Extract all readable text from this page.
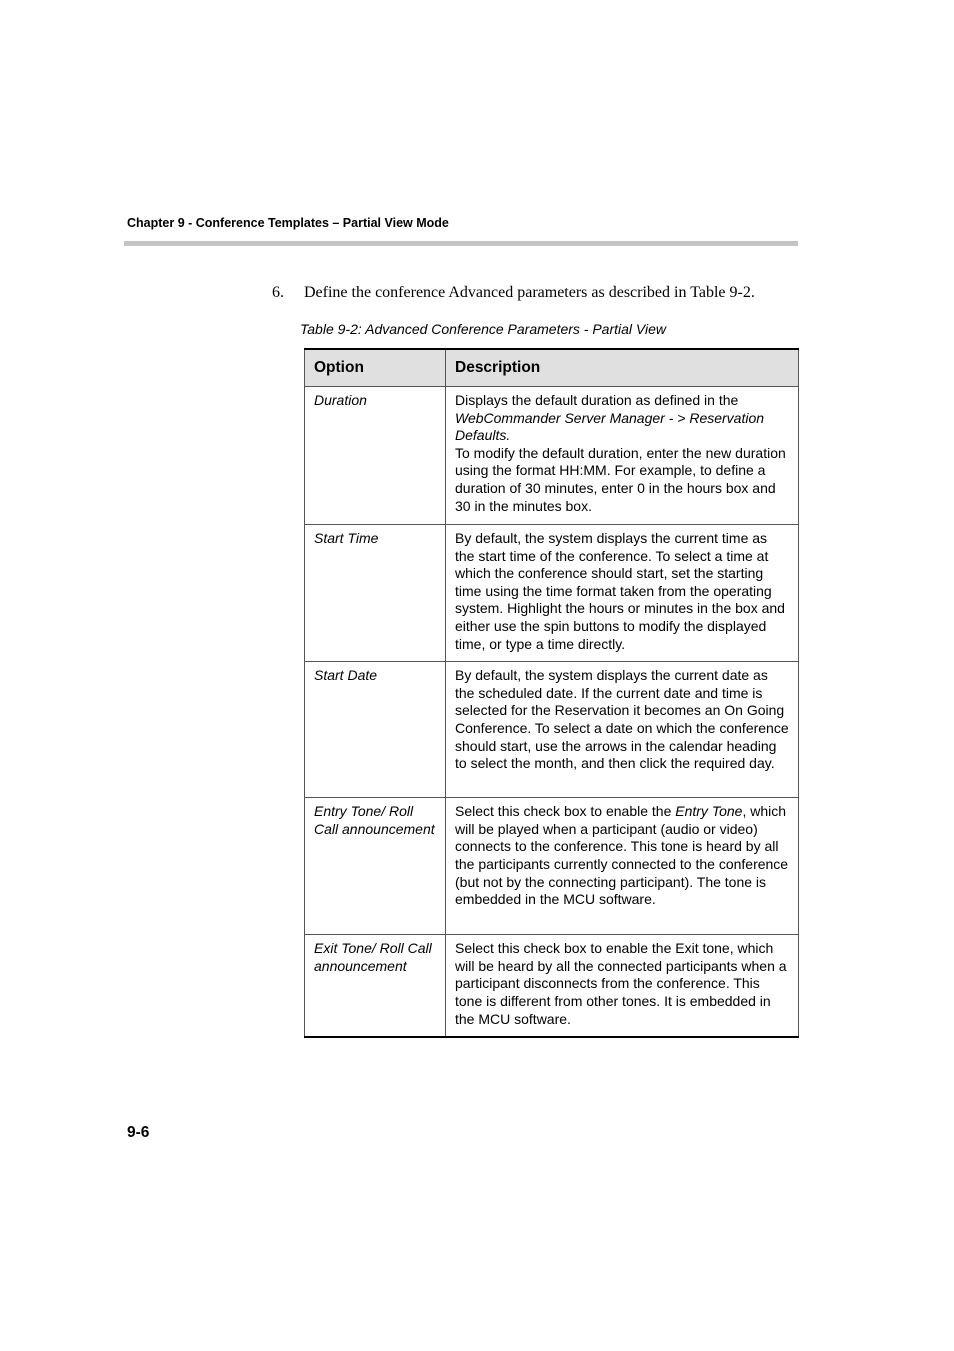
Chapter 9 - Conference Templates – Partial View Mode
6. Define the conference Advanced parameters as described in Table 9-2.
Table 9-2: Advanced Conference Parameters - Partial View
Option	Description
Duration	Displays the default duration as defined in the WebCommander Server Manager - > Reservation Defaults.
To modify the default duration, enter the new duration using the format HH:MM. For example, to define a duration of 30 minutes, enter 0 in the hours box and 30 in the minutes box.
Start Time	By default, the system displays the current time as the start time of the conference. To select a time at which the conference should start, set the starting time using the time format taken from the operating system. Highlight the hours or minutes in the box and either use the spin buttons to modify the displayed time, or type a time directly.
Start Date	By default, the system displays the current date as the scheduled date. If the current date and time is selected for the Reservation it becomes an On Going Conference. To select a date on which the conference should start, use the arrows in the calendar heading to select the month, and then click the required day.
Entry Tone/ Roll Call announcement	Select this check box to enable the Entry Tone, which will be played when a participant (audio or video) connects to the conference. This tone is heard by all the participants currently connected to the conference (but not by the connecting participant). The tone is embedded in the MCU software.
Exit Tone/ Roll Call announcement	Select this check box to enable the Exit tone, which will be heard by all the connected participants when a participant disconnects from the conference. This tone is different from other tones. It is embedded in the MCU software.
9-6
